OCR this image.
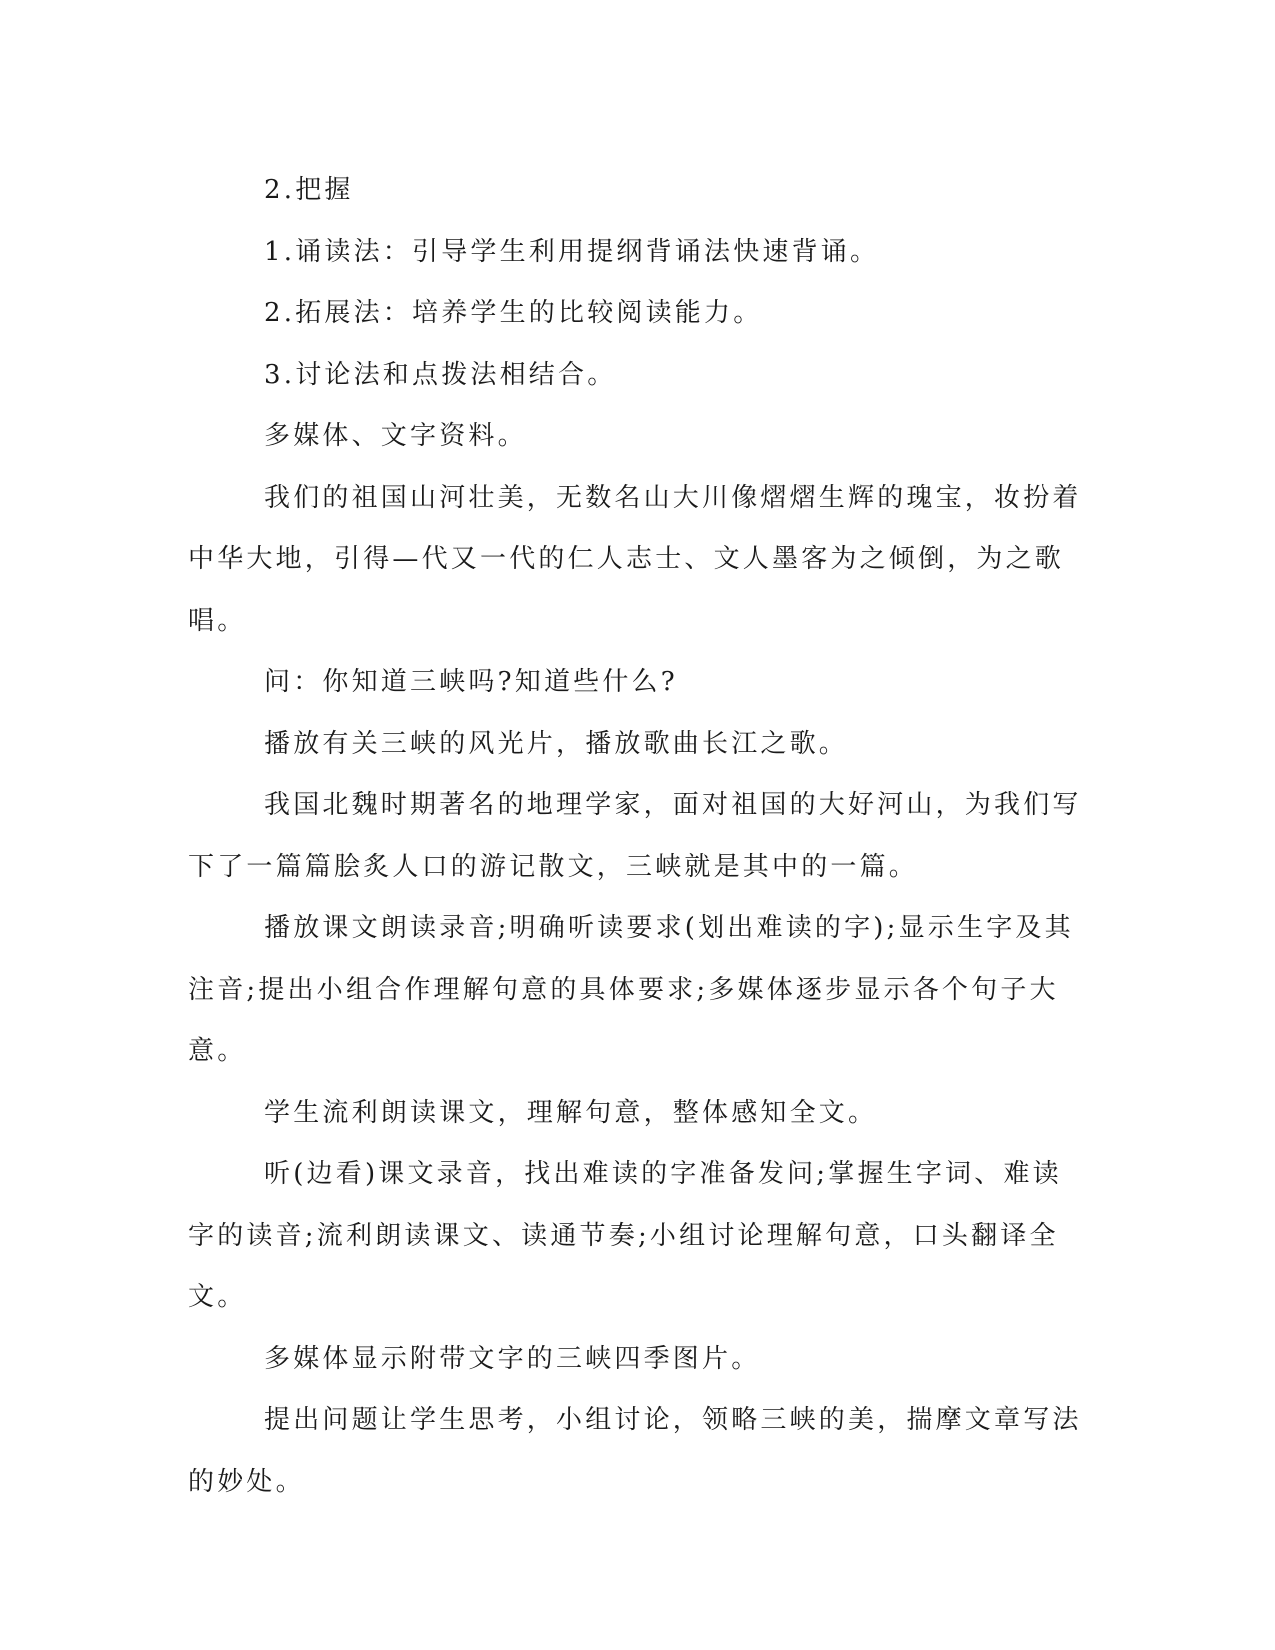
2.把握

1.诵读法：引导学生利用提纲背诵法快速背诵。

2.拓展法：培养学生的比较阅读能力。

3.讨论法和点拨法相结合。

多媒体、文字资料。

我们的祖国山河壮美，无数名山大川像熠熠生辉的瑰宝，妆扮着中华大地，引得—代又一代的仁人志士、文人墨客为之倾倒，为之歌唱。

问：你知道三峡吗?知道些什么?

播放有关三峡的风光片，播放歌曲长江之歌。

我国北魏时期著名的地理学家，面对祖国的大好河山，为我们写下了一篇篇脍炙人口的游记散文，三峡就是其中的一篇。

播放课文朗读录音;明确听读要求(划出难读的字);显示生字及其注音;提出小组合作理解句意的具体要求;多媒体逐步显示各个句子大意。

学生流利朗读课文，理解句意，整体感知全文。

听(边看)课文录音，找出难读的字准备发问;掌握生字词、难读字的读音;流利朗读课文、读通节奏;小组讨论理解句意，口头翻译全文。

多媒体显示附带文字的三峡四季图片。

提出问题让学生思考，小组讨论，领略三峡的美，揣摩文章写法的妙处。
